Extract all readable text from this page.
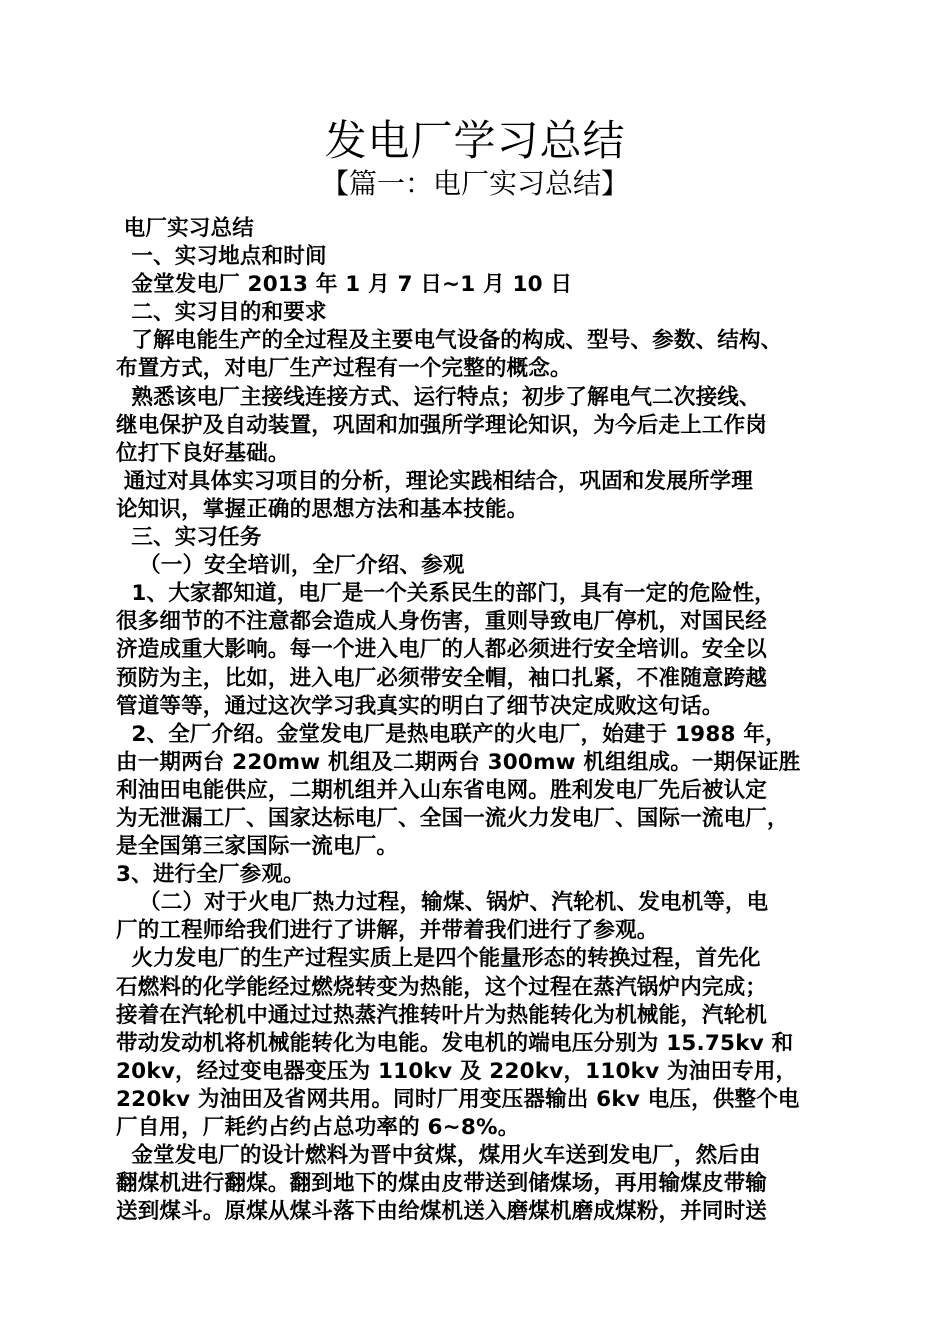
发电厂学习总结
【篇一：电厂实习总结】

电厂实习总结

一、实习地点和时间

金堂发电厂 2013 年 1 月 7 日~1 月 10 日

二、实习目的和要求

了解电能生产的全过程及主要电气设备的构成、型号、参数、结构、

布置方式，对电厂生产过程有一个完整的概念。

熟悉该电厂主接线连接方式、运行特点；初步了解电气二次接线、

继电保护及自动装置，巩固和加强所学理论知识，为今后走上工作岗

位打下良好基础。

通过对具体实习项目的分析，理论实践相结合，巩固和发展所学理

论知识，掌握正确的思想方法和基本技能。

三、实习任务

（一）安全培训，全厂介绍、参观

1、大家都知道，电厂是一个关系民生的部门，具有一定的危险性，

很多细节的不注意都会造成人身伤害，重则导致电厂停机，对国民经

济造成重大影响。每一个进入电厂的人都必须进行安全培训。安全以

预防为主，比如，进入电厂必须带安全帽，袖口扎紧，不准随意跨越

管道等等，通过这次学习我真实的明白了细节决定成败这句话。

2、全厂介绍。金堂发电厂是热电联产的火电厂，始建于 1988 年，

由一期两台 220mw 机组及二期两台 300mw 机组组成。一期保证胜

利油田电能供应，二期机组并入山东省电网。胜利发电厂先后被认定

为无泄漏工厂、国家达标电厂、全国一流火力发电厂、国际一流电厂，

是全国第三家国际一流电厂。

3、进行全厂参观。

（二）对于火电厂热力过程，输煤、锅炉、汽轮机、发电机等，电

厂的工程师给我们进行了讲解，并带着我们进行了参观。

火力发电厂的生产过程实质上是四个能量形态的转换过程，首先化

石燃料的化学能经过燃烧转变为热能，这个过程在蒸汽锅炉内完成；

接着在汽轮机中通过过热蒸汽推转叶片为热能转化为机械能，汽轮机

带动发动机将机械能转化为电能。发电机的端电压分别为 15.75kv 和

20kv，经过变电器变压为 110kv 及 220kv，110kv 为油田专用，

220kv 为油田及省网共用。同时厂用变压器输出 6kv 电压，供整个电

厂自用，厂耗约占约占总功率的 6~8%。

金堂发电厂的设计燃料为晋中贫煤，煤用火车送到发电厂，然后由

翻煤机进行翻煤。翻到地下的煤由皮带送到储煤场，再用输煤皮带输

送到煤斗。原煤从煤斗落下由给煤机送入磨煤机磨成煤粉，并同时送
